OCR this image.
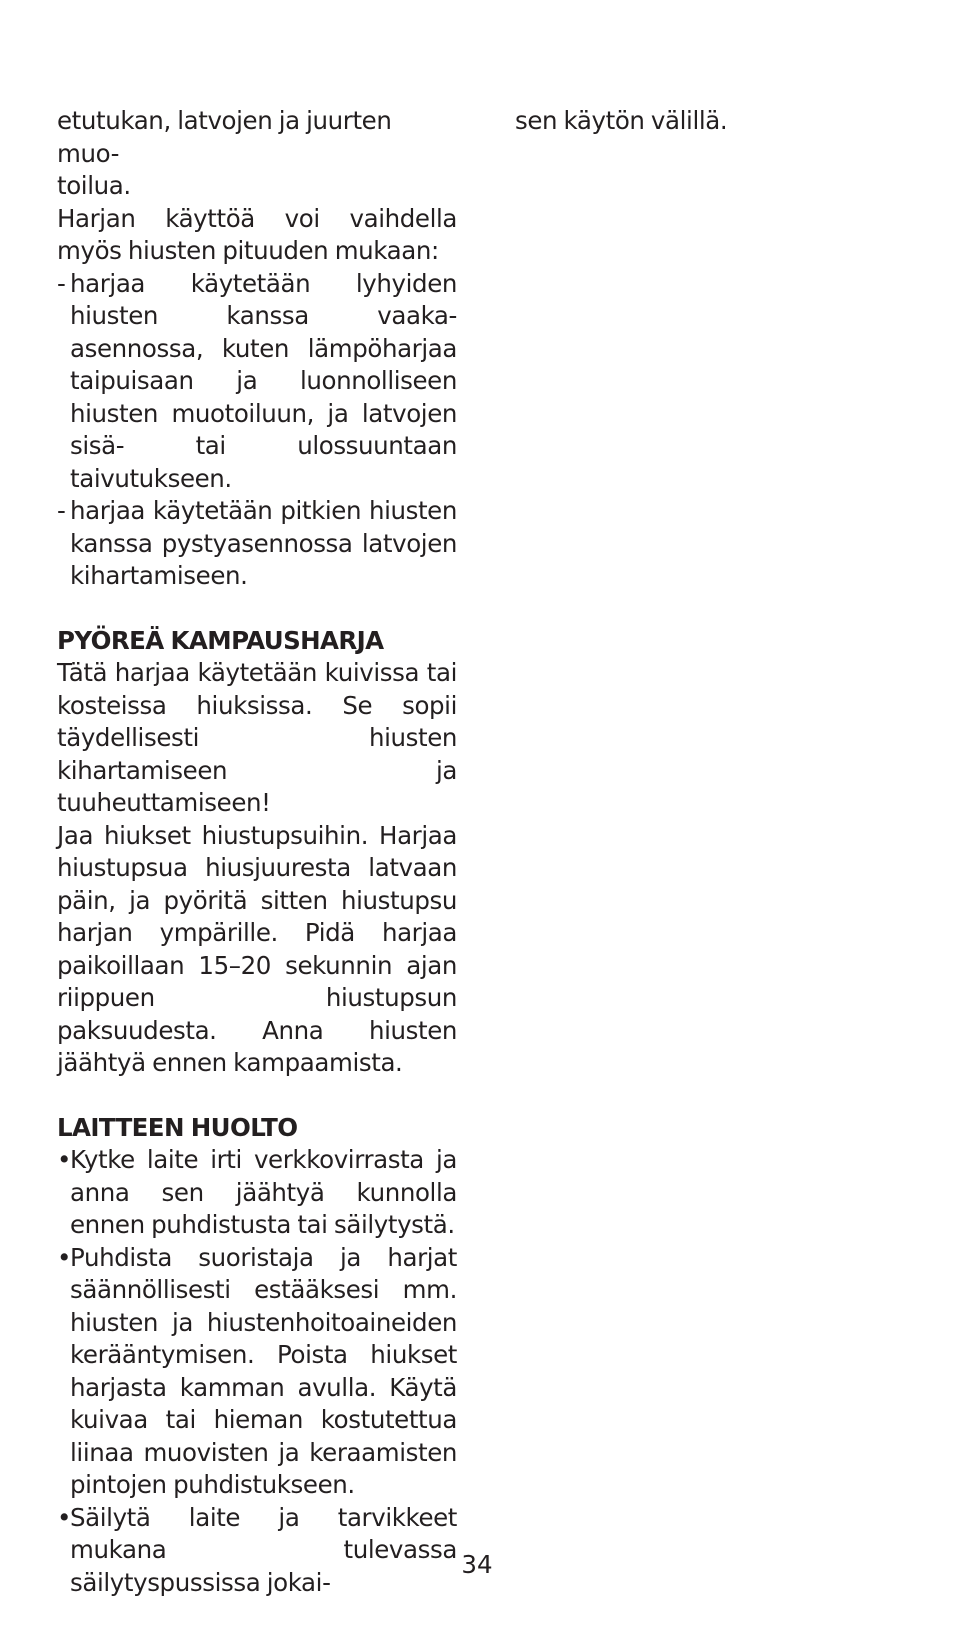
etutukan, latvojen ja juurten muo-

toilua.

Harjan käyttöä voi vaihdella myös hiusten pituuden mukaan:

- harjaa käytetään lyhyiden hiusten kanssa vaaka-asennossa, kuten lämpöharjaa taipuisaan ja luonnolliseen hiusten muotoiluun, ja latvojen sisä- tai ulossuuntaan taivutukseen.
- harjaa käytetään pitkien hiusten kanssa pystyasennossa latvojen kihartamiseen.

PYÖREÄ KAMPAUSHARJA

Tätä harjaa käytetään kuivissa tai kosteissa hiuksissa. Se sopii täydellisesti hiusten kihartamiseen ja tuuheuttamiseen!

Jaa hiukset hiustupsuihin. Harjaa hiustupsua hiusjuuresta latvaan päin, ja pyöritä sitten hiustupsu harjan ympärille. Pidä harjaa paikoillaan 15–20 sekunnin ajan riippuen hiustupsun paksuudesta. Anna hiusten jäähtyä ennen kampaamista.

LAITTEEN HUOLTO

•
Kytke laite irti verkkovirrasta ja anna sen jäähtyä kunnolla ennen puhdistusta tai säilytystä.
•
Puhdista suoristaja ja harjat säännöllisesti estääksesi mm. hiusten ja hiustenhoitoaineiden kerääntymisen. Poista hiukset harjasta kamman avulla. Käytä kuivaa tai hieman kostutettua liinaa muovisten ja keraamisten pintojen puhdistukseen.
•
Säilytä laite ja tarvikkeet mukana tulevassa säilytyspussissa jokai-

sen käytön välillä.

34
